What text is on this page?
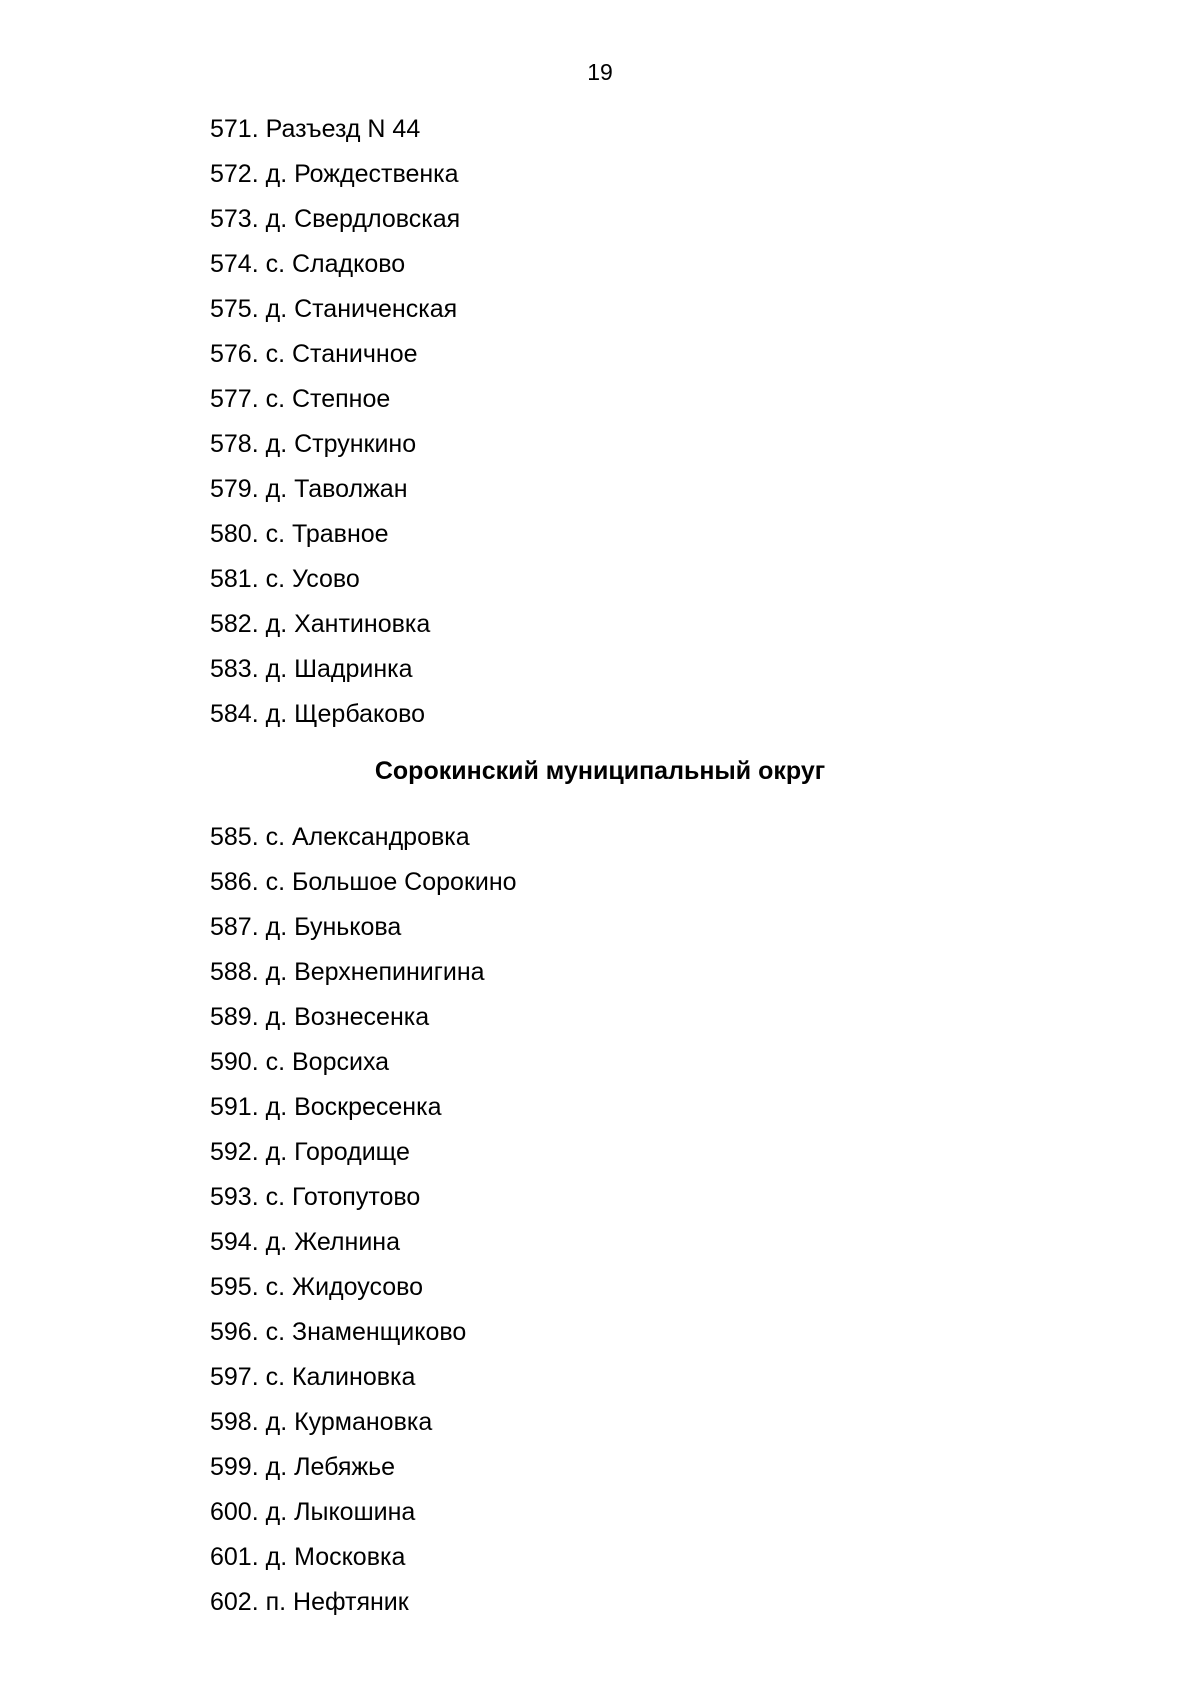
19
571. Разъезд N 44
572. д. Рождественка
573. д. Свердловская
574. с. Сладково
575. д. Станиченская
576. с. Станичное
577. с. Степное
578. д. Стрункино
579. д. Таволжан
580. с. Травное
581. с. Усово
582. д. Хантиновка
583. д. Шадринка
584. д. Щербаково
Сорокинский муниципальный округ
585. с. Александровка
586. с. Большое Сорокино
587. д. Бунькова
588. д. Верхнепинигина
589. д. Вознесенка
590. с. Ворсиха
591. д. Воскресенка
592. д. Городище
593. с. Готопутово
594. д. Желнина
595. с. Жидоусово
596. с. Знаменщиково
597. с. Калиновка
598. д. Курмановка
599. д. Лебяжье
600. д. Лыкошина
601. д. Московка
602. п. Нефтяник
